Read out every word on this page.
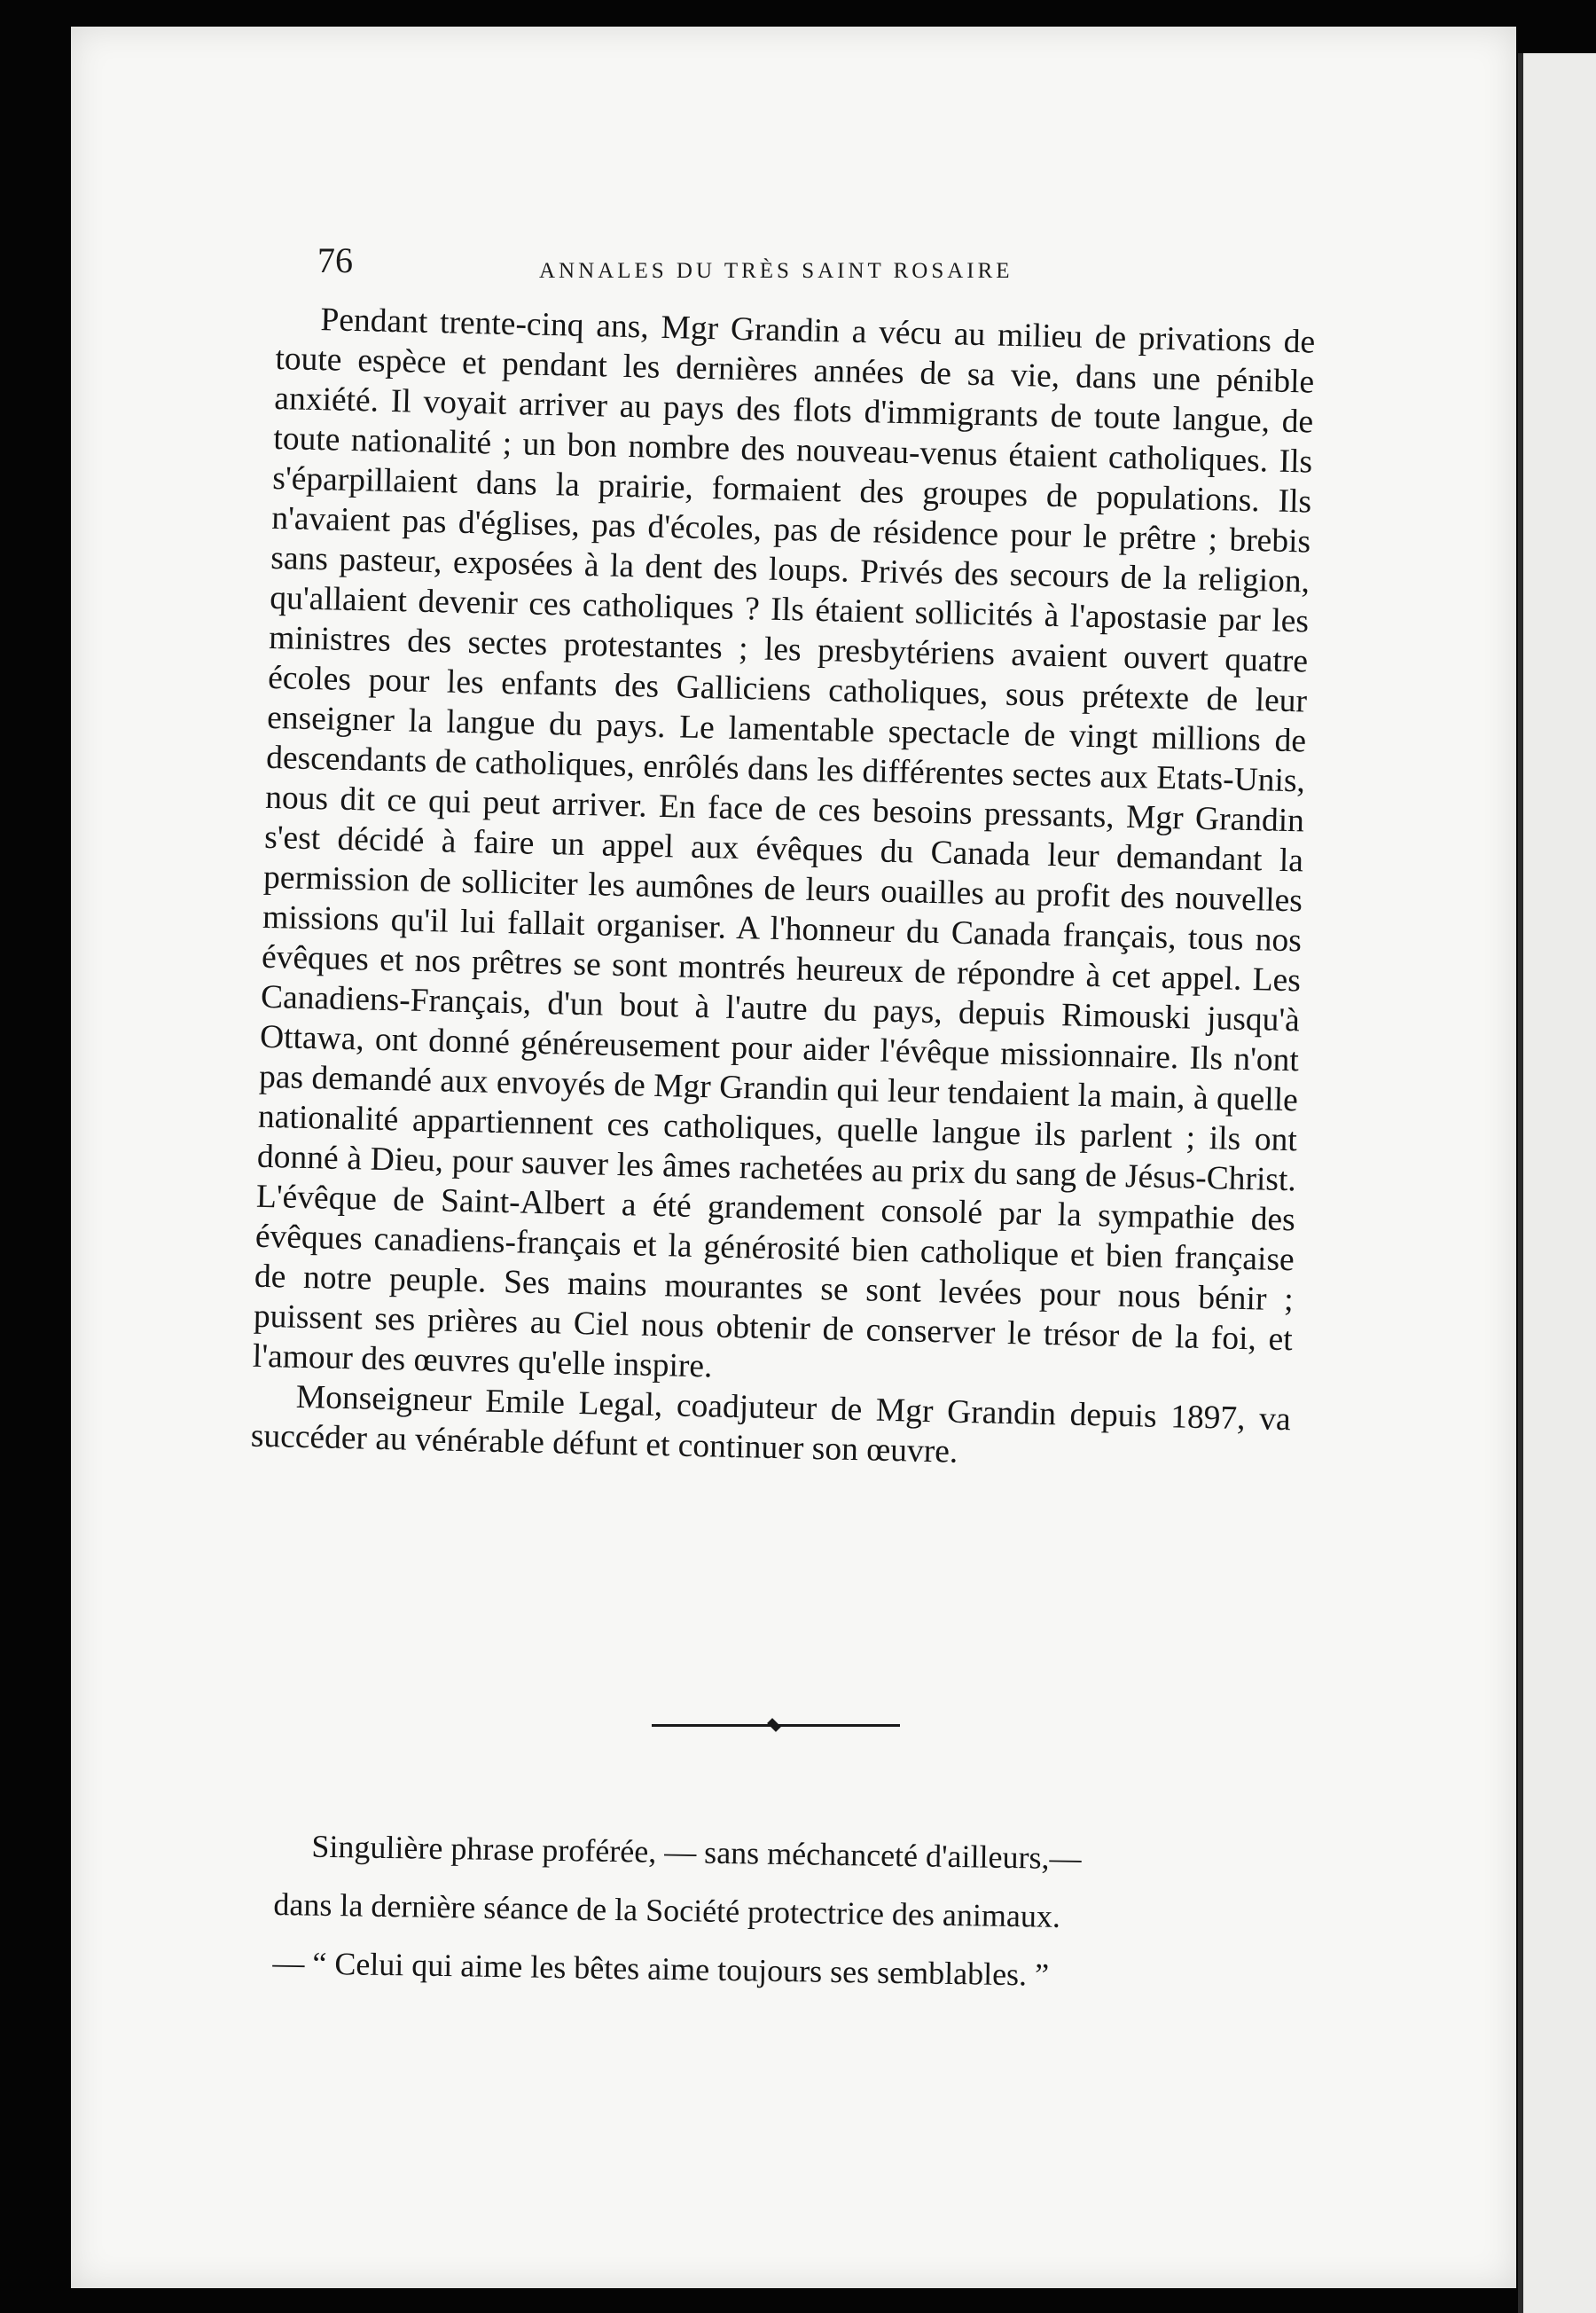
76	ANNALES DU TRÈS SAINT ROSAIRE

Pendant trente-cinq ans, Mgr Grandin a vécu au milieu de privations de toute espèce et pendant les dernières années de sa vie, dans une pénible anxiété. Il voyait arriver au pays des flots d'immigrants de toute langue, de toute nationalité ; un bon nombre des nouveau-venus étaient catholiques. Ils s'éparpillaient dans la prairie, formaient des groupes de populations. Ils n'avaient pas d'églises, pas d'écoles, pas de résidence pour le prêtre ; brebis sans pasteur, exposées à la dent des loups. Privés des secours de la religion, qu'allaient devenir ces catholiques ? Ils étaient sollicités à l'apostasie par les ministres des sectes protestantes ; les presbytériens avaient ouvert quatre écoles pour les enfants des Galliciens catholiques, sous prétexte de leur enseigner la langue du pays. Le lamentable spectacle de vingt millions de descendants de catholiques, enrôlés dans les différentes sectes aux Etats-Unis, nous dit ce qui peut arriver. En face de ces besoins pressants, Mgr Grandin s'est décidé à faire un appel aux évêques du Canada leur demandant la permission de solliciter les aumônes de leurs ouailles au profit des nouvelles missions qu'il lui fallait organiser. A l'honneur du Canada français, tous nos évêques et nos prêtres se sont montrés heureux de répondre à cet appel. Les Canadiens-Français, d'un bout à l'autre du pays, depuis Rimouski jusqu'à Ottawa, ont donné généreusement pour aider l'évêque missionnaire. Ils n'ont pas demandé aux envoyés de Mgr Grandin qui leur tendaient la main, à quelle nationalité appartiennent ces catholiques, quelle langue ils parlent ; ils ont donné à Dieu, pour sauver les âmes rachetées au prix du sang de Jésus-Christ. L'évêque de Saint-Albert a été grandement consolé par la sympathie des évêques canadiens-français et la générosité bien catholique et bien française de notre peuple. Ses mains mourantes se sont levées pour nous bénir ; puissent ses prières au Ciel nous obtenir de conserver le trésor de la foi, et l'amour des œuvres qu'elle inspire.

Monseigneur Emile Legal, coadjuteur de Mgr Grandin depuis 1897, va succéder au vénérable défunt et continuer son œuvre.

Singulière phrase proférée, — sans méchanceté d'ailleurs,—
dans la dernière séance de la Société protectrice des animaux.
— “ Celui qui aime les bêtes aime toujours ses semblables. ”
